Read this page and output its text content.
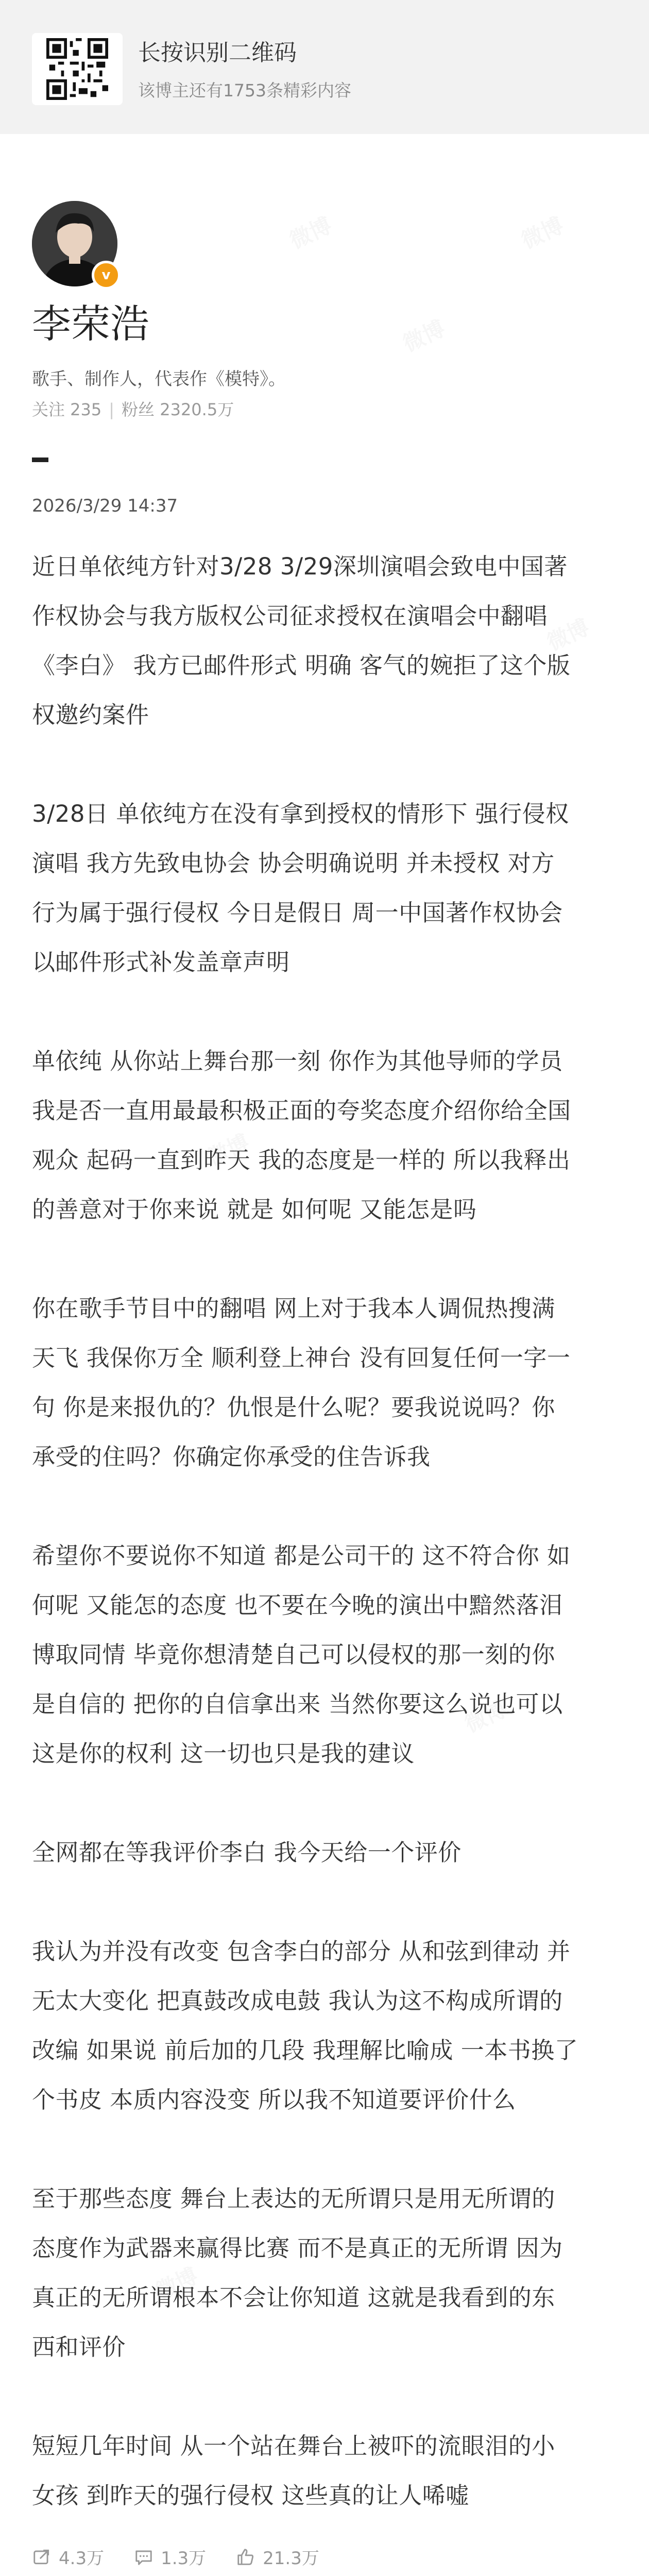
长按识别二维码
该博主还有1753条精彩内容
v
李荣浩
歌手、制作人，代表作《模特》。
关注 235 | 粉丝 2320.5万
2026/3/29 14:37
近日单依纯方针对3/28 3/29深圳演唱会致电中国著
作权协会与我方版权公司征求授权在演唱会中翻唱
《李白》 我方已邮件形式 明确 客气的婉拒了这个版
权邀约案件
3/28日 单依纯方在没有拿到授权的情形下 强行侵权
演唱 我方先致电协会 协会明确说明 并未授权 对方
行为属于强行侵权 今日是假日 周一中国著作权协会
以邮件形式补发盖章声明
单依纯 从你站上舞台那一刻 你作为其他导师的学员
我是否一直用最最积极正面的夸奖态度介绍你给全国
观众 起码一直到昨天 我的态度是一样的 所以我释出
的善意对于你来说 就是 如何呢 又能怎是吗
你在歌手节目中的翻唱 网上对于我本人调侃热搜满
天飞 我保你万全 顺利登上神台 没有回复任何一字一
句 你是来报仇的？仇恨是什么呢？要我说说吗？你
承受的住吗？你确定你承受的住告诉我
希望你不要说你不知道 都是公司干的 这不符合你 如
何呢 又能怎的态度 也不要在今晚的演出中黯然落泪
博取同情 毕竟你想清楚自己可以侵权的那一刻的你
是自信的 把你的自信拿出来 当然你要这么说也可以
这是你的权利 这一切也只是我的建议
全网都在等我评价李白 我今天给一个评价
我认为并没有改变 包含李白的部分 从和弦到律动 并
无太大变化 把真鼓改成电鼓 我认为这不构成所谓的
改编 如果说 前后加的几段 我理解比喻成 一本书换了
个书皮 本质内容没变 所以我不知道要评价什么
至于那些态度 舞台上表达的无所谓只是用无所谓的
态度作为武器来赢得比赛 而不是真正的无所谓 因为
真正的无所谓根本不会让你知道 这就是我看到的东
西和评价
短短几年时间 从一个站在舞台上被吓的流眼泪的小
女孩 到昨天的强行侵权 这些真的让人唏嘘
4.3万	1.3万	21.3万
